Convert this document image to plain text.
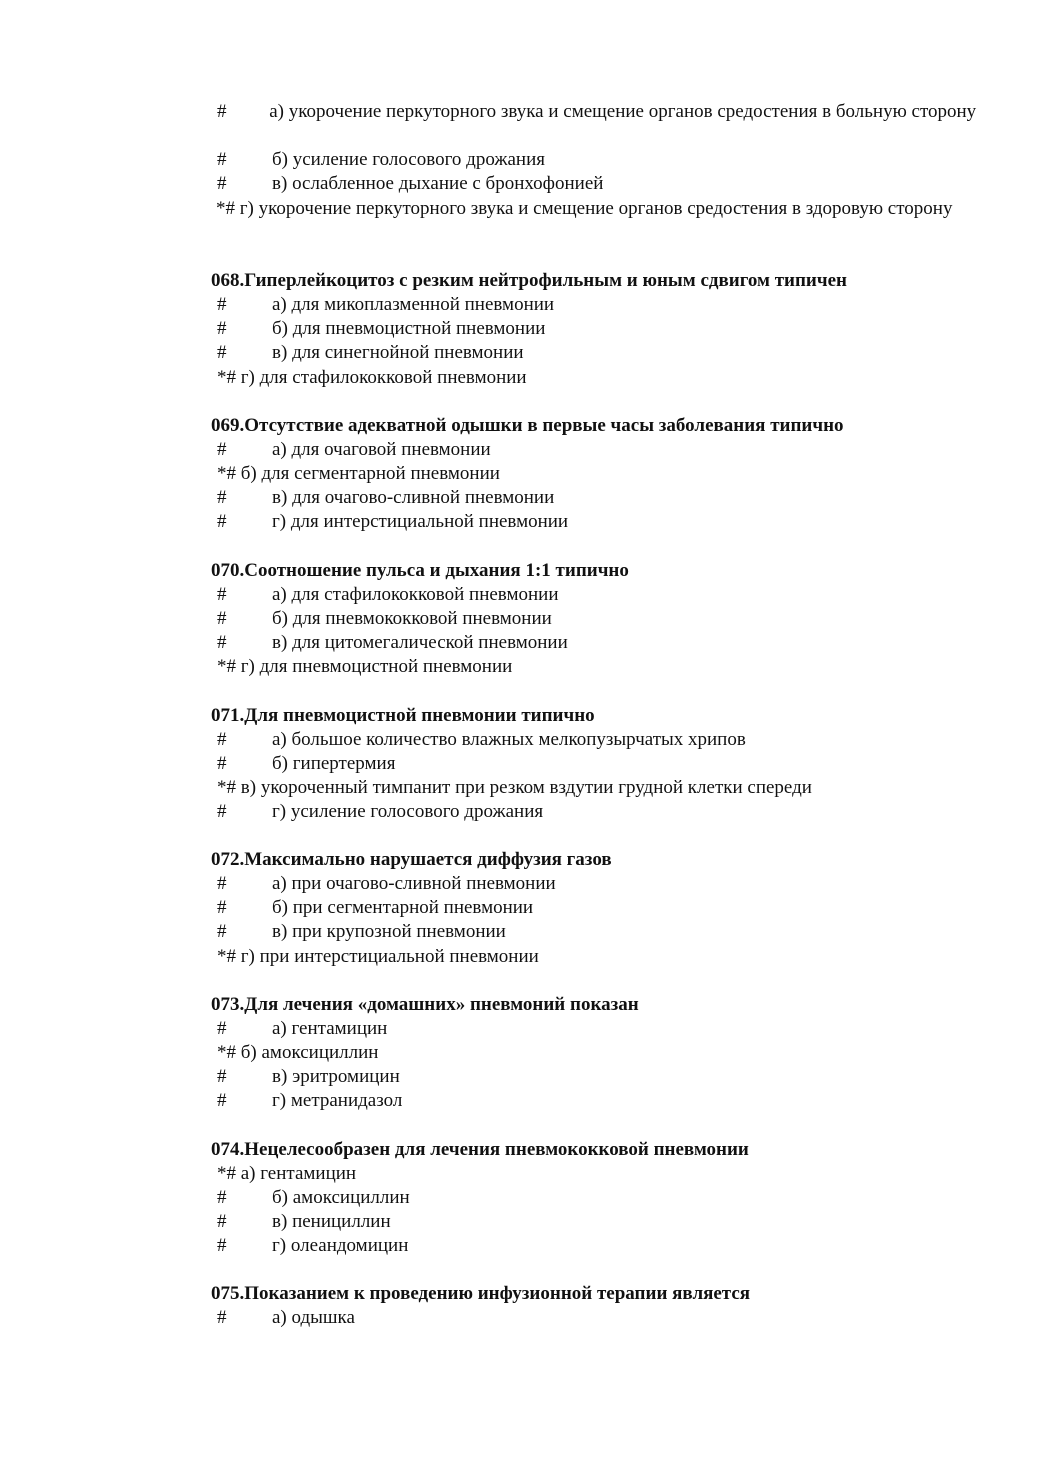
# а) укорочение перкуторного звука и смещение органов средостения в больную сторону
# б) усиление голосового дрожания
# в) ослабленное дыхание с бронхофонией
*# г) укорочение перкуторного звука и смещение органов средостения в здоровую сторону
068.Гиперлейкоцитоз с резким нейтрофильным и юным сдвигом типичен
# а) для микоплазменной пневмонии
# б) для пневмоцистной пневмонии
# в) для синегнойной пневмонии
*# г) для стафилококковой пневмонии
069.Отсутствие адекватной одышки в первые часы заболевания типично
# а) для очаговой пневмонии
*# б) для сегментарной пневмонии
# в) для очагово-сливной пневмонии
# г) для интерстициальной пневмонии
070.Соотношение пульса и дыхания 1:1 типично
# а) для стафилококковой пневмонии
# б) для пневмококковой пневмонии
# в) для цитомегалической пневмонии
*# г) для пневмоцистной пневмонии
071.Для пневмоцистной пневмонии типично
# а) большое количество влажных мелкопузырчатых хрипов
# б) гипертермия
*# в) укороченный тимпанит при резком вздутии грудной клетки спереди
# г) усиление голосового дрожания
072.Максимально нарушается диффузия газов
# а) при очагово-сливной пневмонии
# б) при сегментарной пневмонии
# в) при крупозной пневмонии
*# г) при интерстициальной пневмонии
073.Для лечения «домашних» пневмоний показан
# а) гентамицин
*# б) амоксициллин
# в) эритромицин
# г) метранидазол
074.Нецелесообразен для лечения пневмококковой пневмонии
*# а) гентамицин
# б) амоксициллин
# в) пенициллин
# г) олеандомицин
075.Показанием к проведению инфузионной терапии является
# а) одышка
